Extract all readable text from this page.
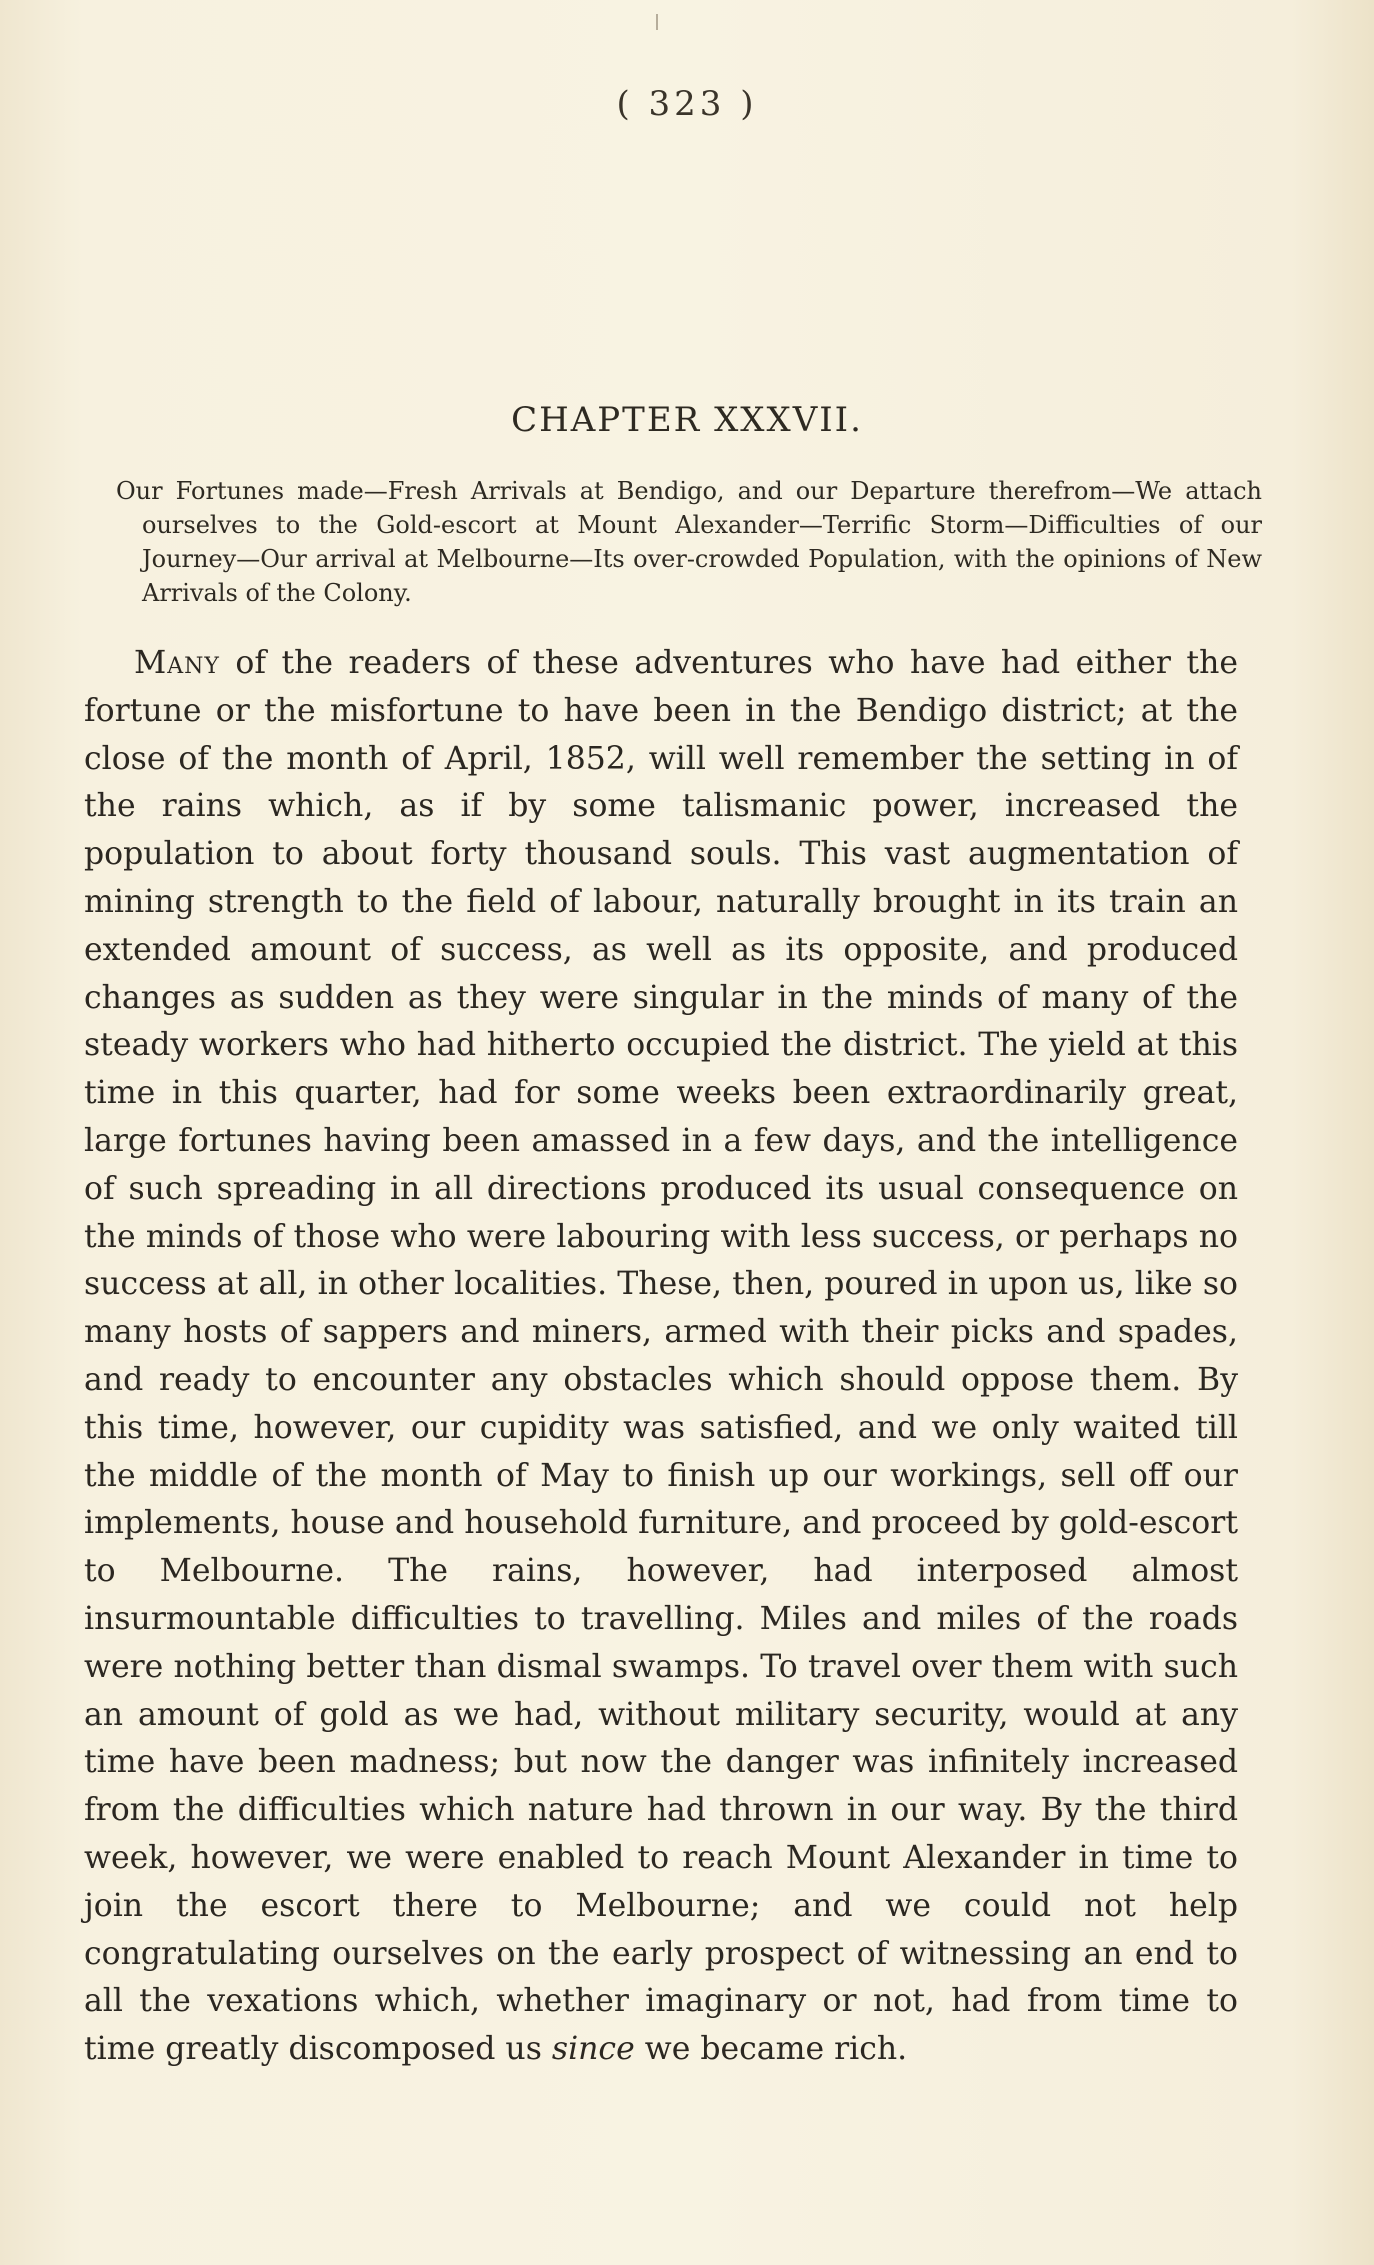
( 323 )
CHAPTER XXXVII.
Our Fortunes made—Fresh Arrivals at Bendigo, and our Departure therefrom—We attach ourselves to the Gold-escort at Mount Alexander—Terrific Storm—Difficulties of our Journey—Our arrival at Melbourne—Its over-crowded Population, with the opinions of New Arrivals of the Colony.

Many of the readers of these adventures who have had either the fortune or the misfortune to have been in the Bendigo district; at the close of the month of April, 1852, will well remember the setting in of the rains which, as if by some talismanic power, increased the population to about forty thousand souls. This vast augmentation of mining strength to the field of labour, naturally brought in its train an extended amount of success, as well as its opposite, and produced changes as sudden as they were singular in the minds of many of the steady workers who had hitherto occupied the district. The yield at this time in this quarter, had for some weeks been extraordinarily great, large fortunes having been amassed in a few days, and the intelligence of such spreading in all directions produced its usual consequence on the minds of those who were labouring with less success, or perhaps no success at all, in other localities. These, then, poured in upon us, like so many hosts of sappers and miners, armed with their picks and spades, and ready to encounter any obstacles which should oppose them. By this time, however, our cupidity was satisfied, and we only waited till the middle of the month of May to finish up our workings, sell off our implements, house and household furniture, and proceed by gold-escort to Melbourne. The rains, however, had interposed almost insurmountable difficulties to travelling. Miles and miles of the roads were nothing better than dismal swamps. To travel over them with such an amount of gold as we had, without military security, would at any time have been madness; but now the danger was infinitely increased from the difficulties which nature had thrown in our way. By the third week, however, we were enabled to reach Mount Alexander in time to join the escort there to Melbourne; and we could not help congratulating ourselves on the early prospect of witnessing an end to all the vexations which, whether imaginary or not, had from time to time greatly discomposed us since we became rich.
